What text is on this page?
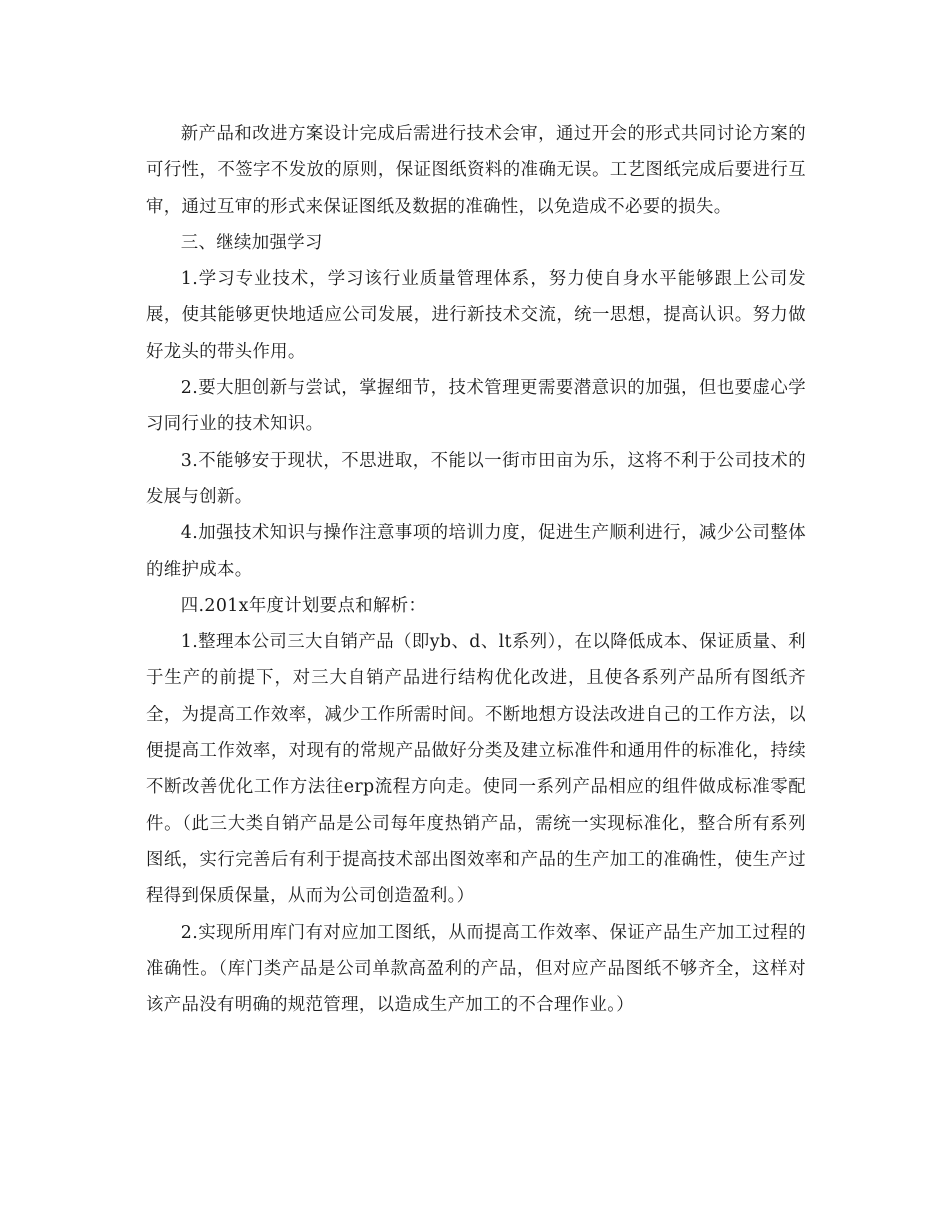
新产品和改进方案设计完成后需进行技术会审，通过开会的形式共同讨论方案的可行性，不签字不发放的原则，保证图纸资料的准确无误。工艺图纸完成后要进行互审，通过互审的形式来保证图纸及数据的准确性，以免造成不必要的损失。

三、继续加强学习

1.学习专业技术，学习该行业质量管理体系，努力使自身水平能够跟上公司发展，使其能够更快地适应公司发展，进行新技术交流，统一思想，提高认识。努力做好龙头的带头作用。

2.要大胆创新与尝试，掌握细节，技术管理更需要潜意识的加强，但也要虚心学习同行业的技术知识。

3.不能够安于现状，不思进取，不能以一街市田亩为乐，这将不利于公司技术的发展与创新。

4.加强技术知识与操作注意事项的培训力度，促进生产顺利进行，减少公司整体的维护成本。

四.201x年度计划要点和解析：

1.整理本公司三大自销产品（即yb、d、lt系列），在以降低成本、保证质量、利于生产的前提下，对三大自销产品进行结构优化改进，且使各系列产品所有图纸齐全，为提高工作效率，减少工作所需时间。不断地想方设法改进自己的工作方法，以便提高工作效率，对现有的常规产品做好分类及建立标准件和通用件的标准化，持续不断改善优化工作方法往erp流程方向走。使同一系列产品相应的组件做成标准零配件。（此三大类自销产品是公司每年度热销产品，需统一实现标准化，整合所有系列图纸，实行完善后有利于提高技术部出图效率和产品的生产加工的准确性，使生产过程得到保质保量，从而为公司创造盈利。）

2.实现所用库门有对应加工图纸，从而提高工作效率、保证产品生产加工过程的准确性。（库门类产品是公司单款高盈利的产品，但对应产品图纸不够齐全，这样对该产品没有明确的规范管理，以造成生产加工的不合理作业。）
